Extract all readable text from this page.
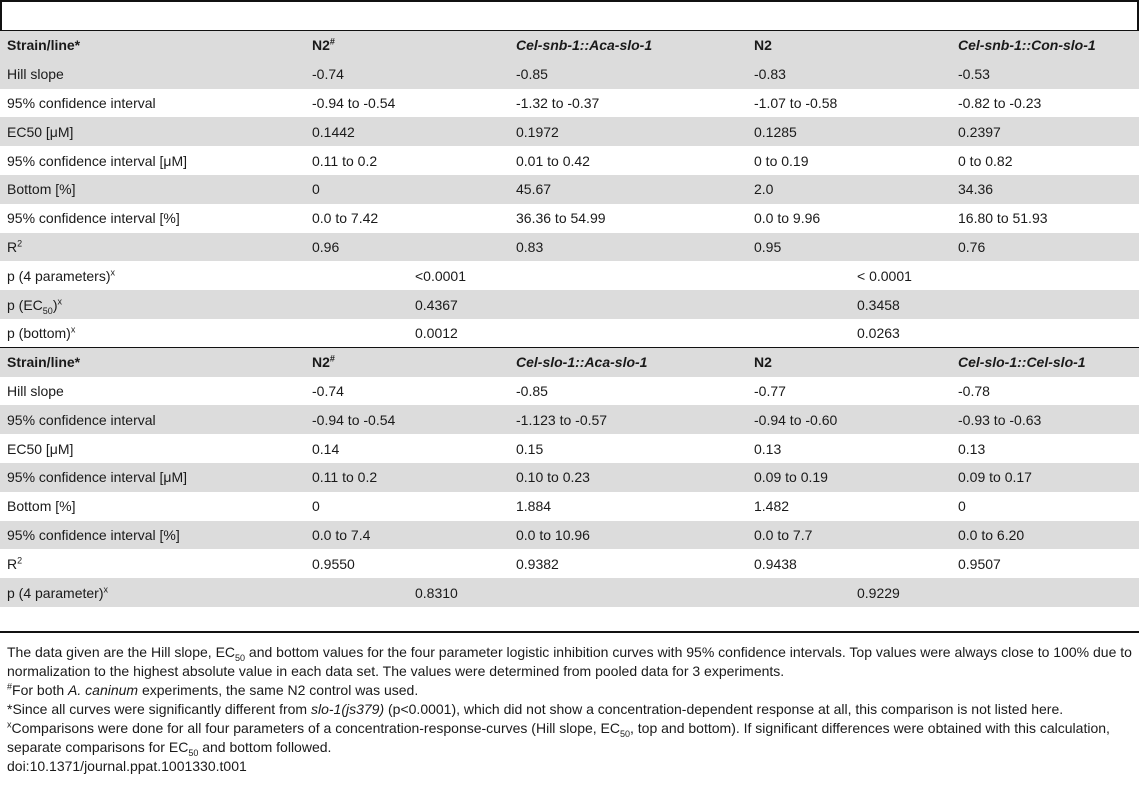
Strain/line*	N2#	Cel-snb-1::Aca-slo-1	N2	Cel-snb-1::Con-slo-1
Hill slope	-0.74	-0.85	-0.83	-0.53
95% confidence interval	-0.94 to -0.54	-1.32 to -0.37	-1.07 to -0.58	-0.82 to -0.23
EC50 [μM]	0.1442	0.1972	0.1285	0.2397
95% confidence interval [μM]	0.11 to 0.2	0.01 to 0.42	0 to 0.19	0 to 0.82
Bottom [%]	0	45.67	2.0	34.36
95% confidence interval [%]	0.0 to 7.42	36.36 to 54.99	0.0 to 9.96	16.80 to 51.93
$R^2$	0.96	0.83	0.95	0.76
p (4 parameters)$^x$	<0.0001		< 0.0001	
p $(EC_{50})^x$	0.4367		0.3458	
p (bottom)$^x$	0.0012		0.0263	
Strain/line*	N2#	Cel-slo-1::Aca-slo-1	N2	Cel-slo-1::Cel-slo-1
Hill slope	-0.74	-0.85	-0.77	-0.78
95% confidence interval	-0.94 to -0.54	-1.123 to -0.57	-0.94 to -0.60	-0.93 to -0.63
EC50 [μM]	0.14	0.15	0.13	0.13
95% confidence interval [μM]	0.11 to 0.2	0.10 to 0.23	0.09 to 0.19	0.09 to 0.17
Bottom [%]	0	1.884	1.482	0
95% confidence interval [%]	0.0 to 7.4	0.0 to 10.96	0.0 to 7.7	0.0 to 6.20
$R^2$	0.9550	0.9382	0.9438	0.9507
p (4 parameter)$^x$	0.8310		0.9229	

The data given are the Hill slope, $EC_{50}$ and bottom values for the four parameter logistic inhibition curves with 95% confidence intervals. Top values were always close to 100% due to normalization to the highest absolute value in each data set. The values were determined from pooled data for 3 experiments.

#For both A. caninum experiments, the same N2 control was used.

*Since all curves were significantly different from slo-1(js379) (p<0.0001), which did not show a concentration-dependent response at all, this comparison is not listed here.

$^x$Comparisons were done for all four parameters of a concentration-response-curves (Hill slope, $EC_{50}$, top and bottom). If significant differences were obtained with this calculation, separate comparisons for $EC_{50}$ and bottom followed.

doi:10.1371/journal.ppat.1001330.t001
